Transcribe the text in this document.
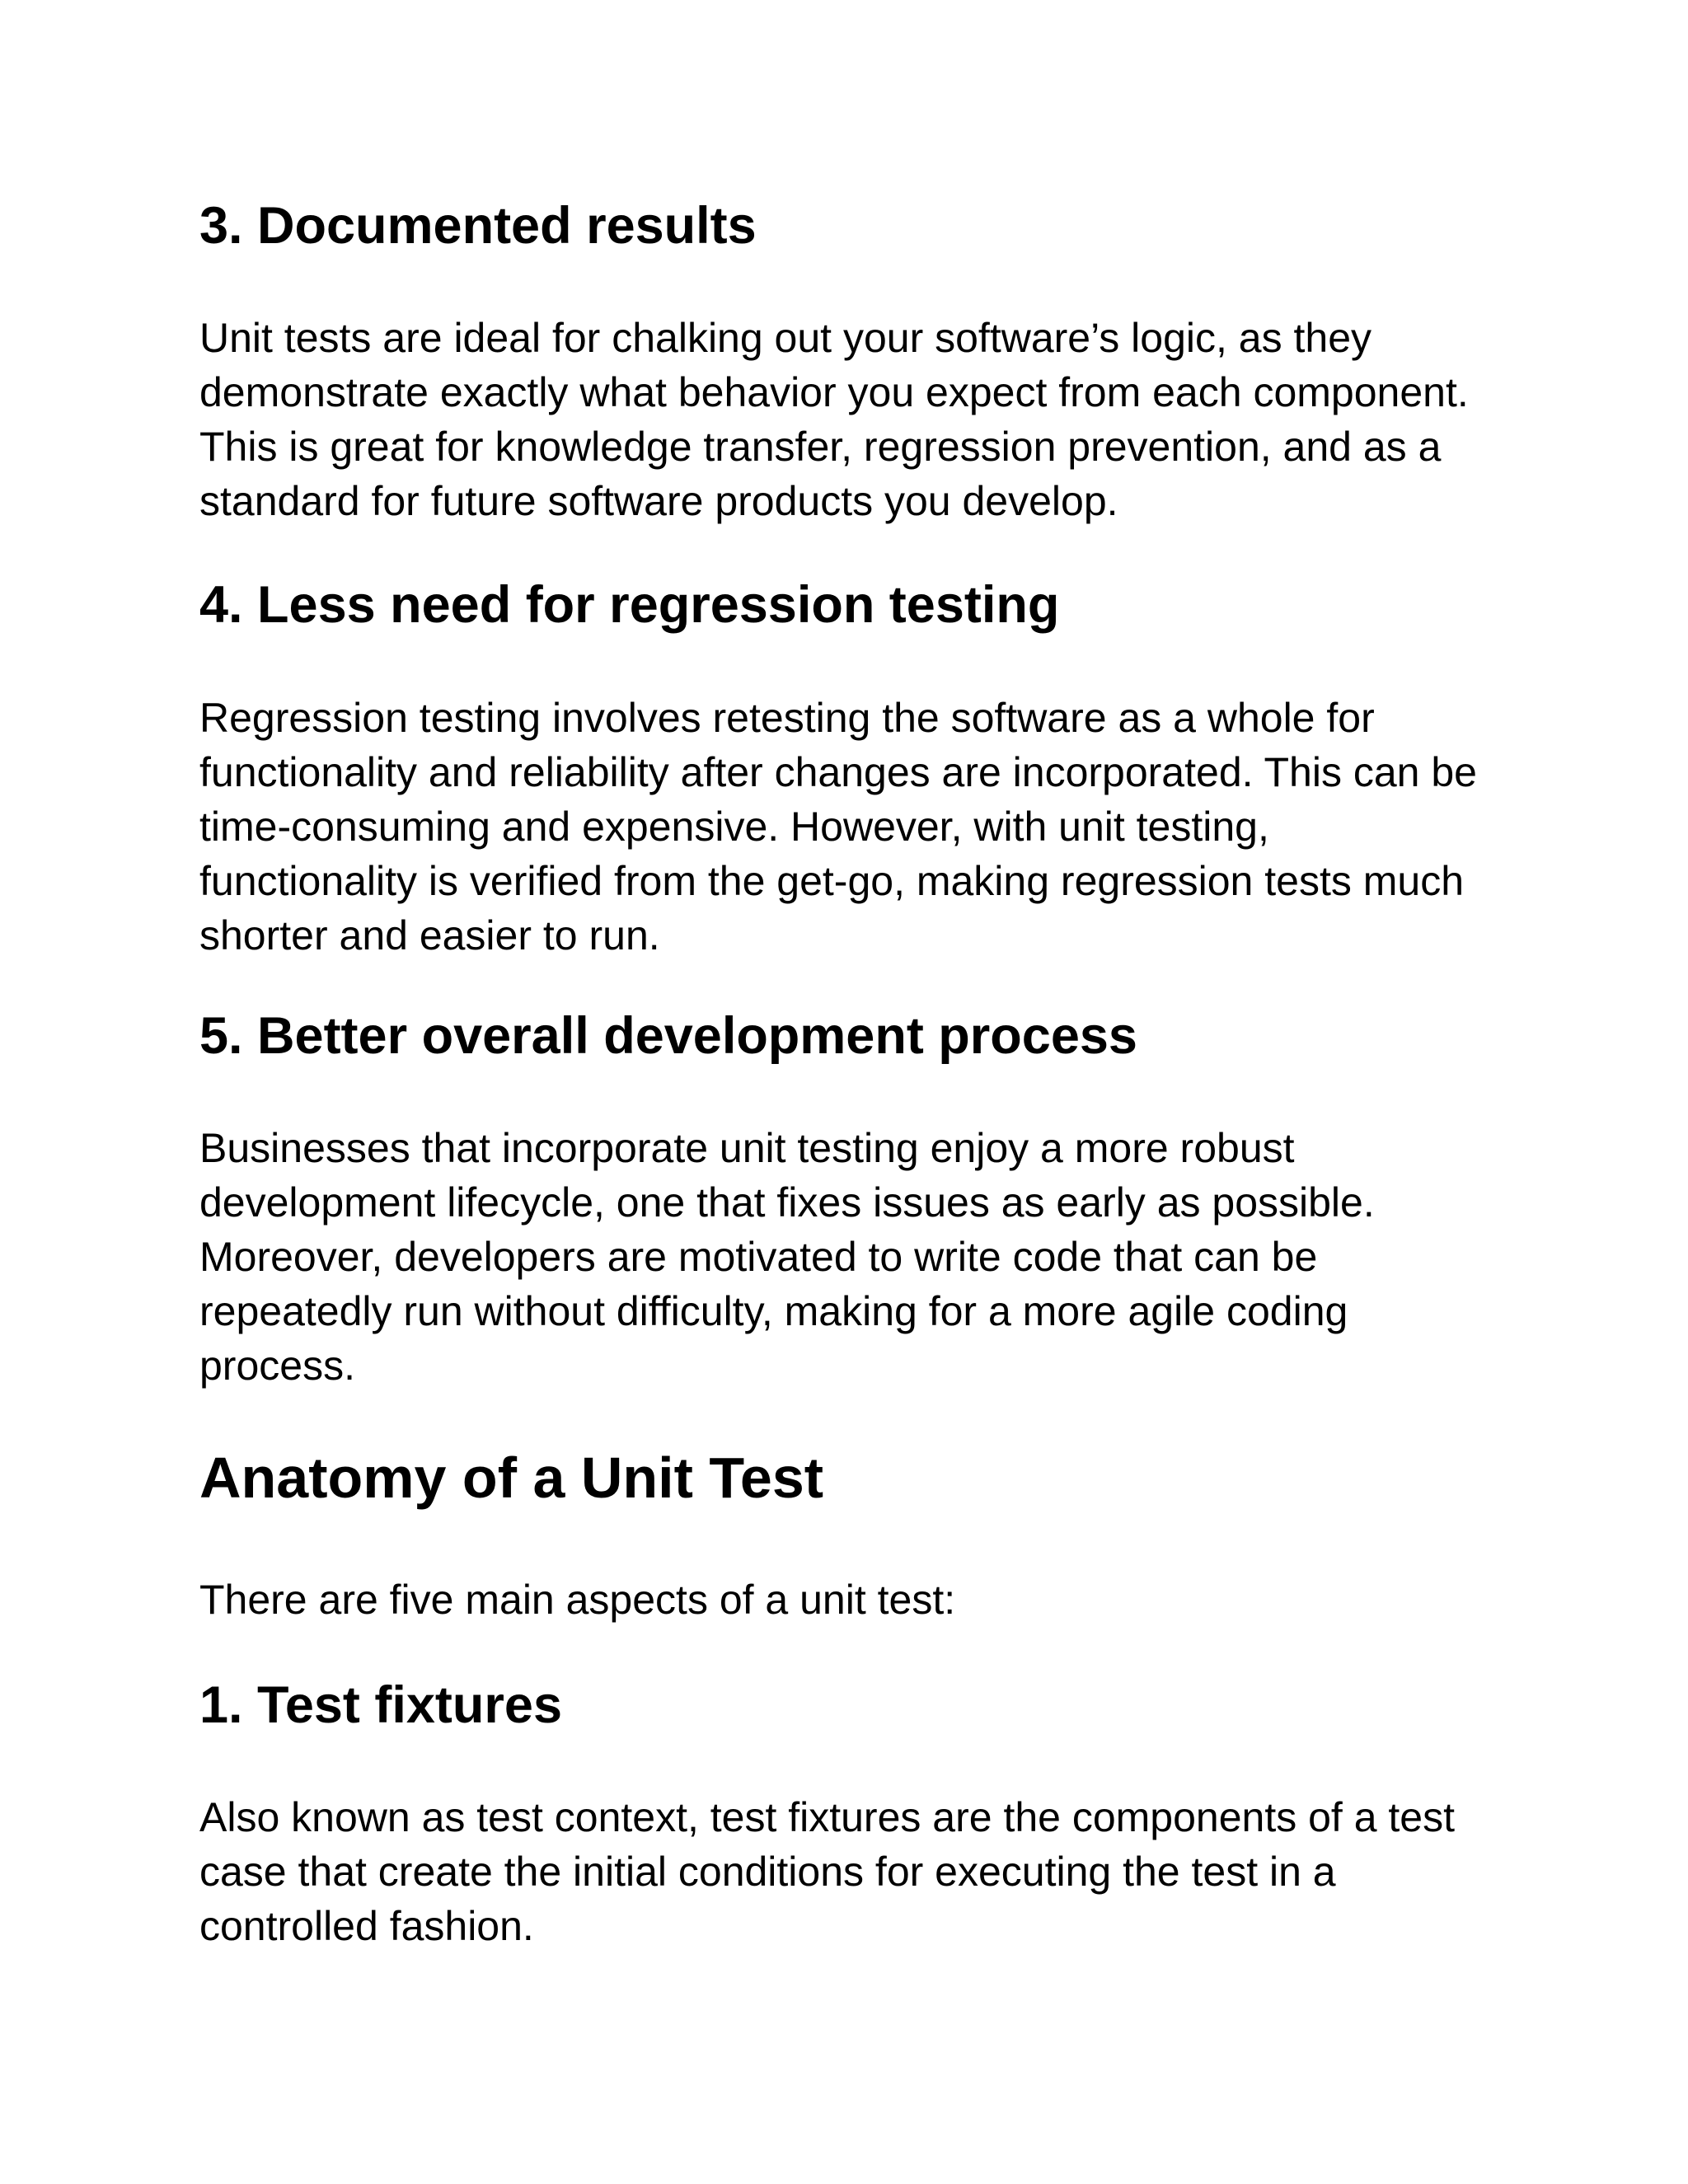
3. Documented results

Unit tests are ideal for chalking out your software’s logic, as they
demonstrate exactly what behavior you expect from each component.
This is great for knowledge transfer, regression prevention, and as a
standard for future software products you develop.

4. Less need for regression testing

Regression testing involves retesting the software as a whole for
functionality and reliability after changes are incorporated. This can be
time-consuming and expensive. However, with unit testing,
functionality is verified from the get-go, making regression tests much
shorter and easier to run.

5. Better overall development process

Businesses that incorporate unit testing enjoy a more robust
development lifecycle, one that fixes issues as early as possible.
Moreover, developers are motivated to write code that can be
repeatedly run without difficulty, making for a more agile coding
process.

Anatomy of a Unit Test

There are five main aspects of a unit test:

1. Test fixtures

Also known as test context, test fixtures are the components of a test
case that create the initial conditions for executing the test in a
controlled fashion.
